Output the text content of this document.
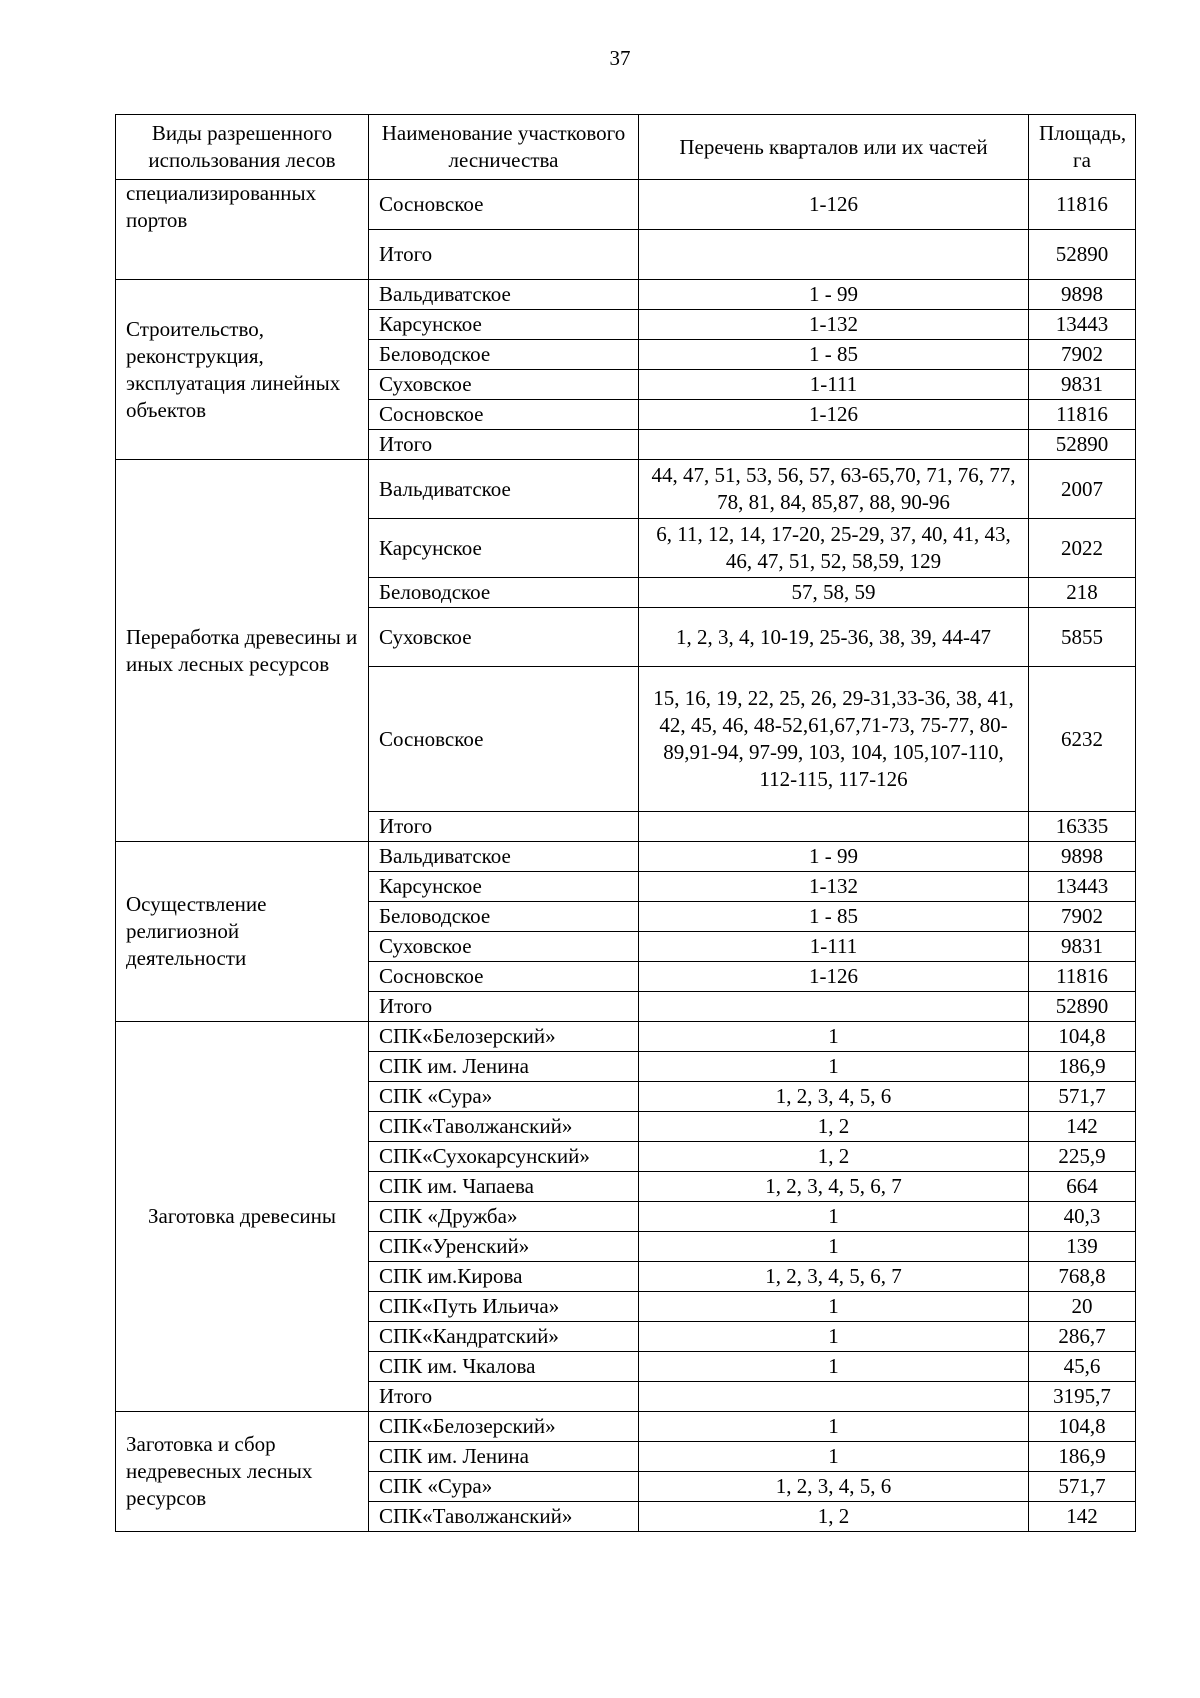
37
Виды разрешенного использования лесов	Наименование участкового лесничества	Перечень кварталов или их частей	Площадь, га
специализированных портов	Сосновское	1-126	11816
	Итого		52890
Строительство, реконструкция, эксплуатация линейных объектов	Вальдиватское	1 - 99	9898
	Карсунское	1-132	13443
	Беловодское	1 - 85	7902
	Суховское	1-111	9831
	Сосновское	1-126	11816
	Итого		52890
Переработка древесины и иных лесных ресурсов	Вальдиватское	44, 47, 51, 53, 56, 57, 63-65,70, 71, 76, 77, 78, 81, 84, 85,87, 88, 90-96	2007
	Карсунское	6, 11, 12, 14, 17-20, 25-29, 37, 40, 41, 43, 46, 47, 51, 52, 58,59, 129	2022
	Беловодское	57, 58, 59	218
	Суховское	1, 2, 3, 4, 10-19, 25-36, 38, 39, 44-47	5855
	Сосновское	15, 16, 19, 22, 25, 26, 29-31,33-36, 38, 41, 42, 45, 46, 48-52,61,67,71-73, 75-77, 80-89,91-94, 97-99, 103, 104, 105,107-110, 112-115, 117-126	6232
	Итого		16335
Осуществление религиозной деятельности	Вальдиватское	1 - 99	9898
	Карсунское	1-132	13443
	Беловодское	1 - 85	7902
	Суховское	1-111	9831
	Сосновское	1-126	11816
	Итого		52890
Заготовка древесины	СПК«Белозерский»	1	104,8
	СПК им. Ленина	1	186,9
	СПК «Сура»	1, 2, 3, 4, 5, 6	571,7
	СПК«Таволжанский»	1, 2	142
	СПК«Сухокарсунский»	1, 2	225,9
	СПК им. Чапаева	1, 2, 3, 4, 5, 6, 7	664
	СПК «Дружба»	1	40,3
	СПК«Уренский»	1	139
	СПК им.Кирова	1, 2, 3, 4, 5, 6, 7	768,8
	СПК«Путь Ильича»	1	20
	СПК«Кандратский»	1	286,7
	СПК им. Чкалова	1	45,6
	Итого		3195,7
Заготовка и сбор недревесных лесных ресурсов	СПК«Белозерский»	1	104,8
	СПК им. Ленина	1	186,9
	СПК «Сура»	1, 2, 3, 4, 5, 6	571,7
	СПК«Таволжанский»	1, 2	142
